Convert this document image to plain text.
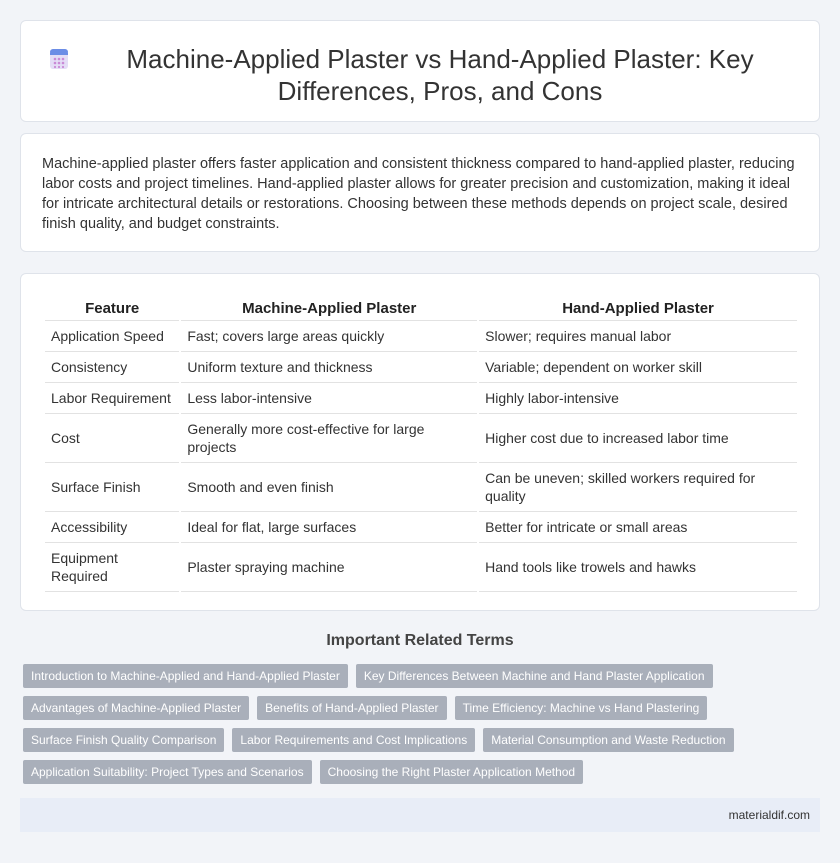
Machine-Applied Plaster vs Hand-Applied Plaster: Key Differences, Pros, and Cons

Machine-applied plaster offers faster application and consistent thickness compared to hand-applied plaster, reducing labor costs and project timelines. Hand-applied plaster allows for greater precision and customization, making it ideal for intricate architectural details or restorations. Choosing between these methods depends on project scale, desired finish quality, and budget constraints.

Feature	Machine-Applied Plaster	Hand-Applied Plaster
Application Speed	Fast; covers large areas quickly	Slower; requires manual labor
Consistency	Uniform texture and thickness	Variable; dependent on worker skill
Labor Requirement	Less labor-intensive	Highly labor-intensive
Cost	Generally more cost-effective for large projects	Higher cost due to increased labor time
Surface Finish	Smooth and even finish	Can be uneven; skilled workers required for quality
Accessibility	Ideal for flat, large surfaces	Better for intricate or small areas
Equipment Required	Plaster spraying machine	Hand tools like trowels and hawks
Important Related Terms
Introduction to Machine-Applied and Hand-Applied Plaster	Key Differences Between Machine and Hand Plaster Application
Advantages of Machine-Applied Plaster	Benefits of Hand-Applied Plaster	Time Efficiency: Machine vs Hand Plastering
Surface Finish Quality Comparison	Labor Requirements and Cost Implications	Material Consumption and Waste Reduction
Application Suitability: Project Types and Scenarios	Choosing the Right Plaster Application Method
materialdif.com
